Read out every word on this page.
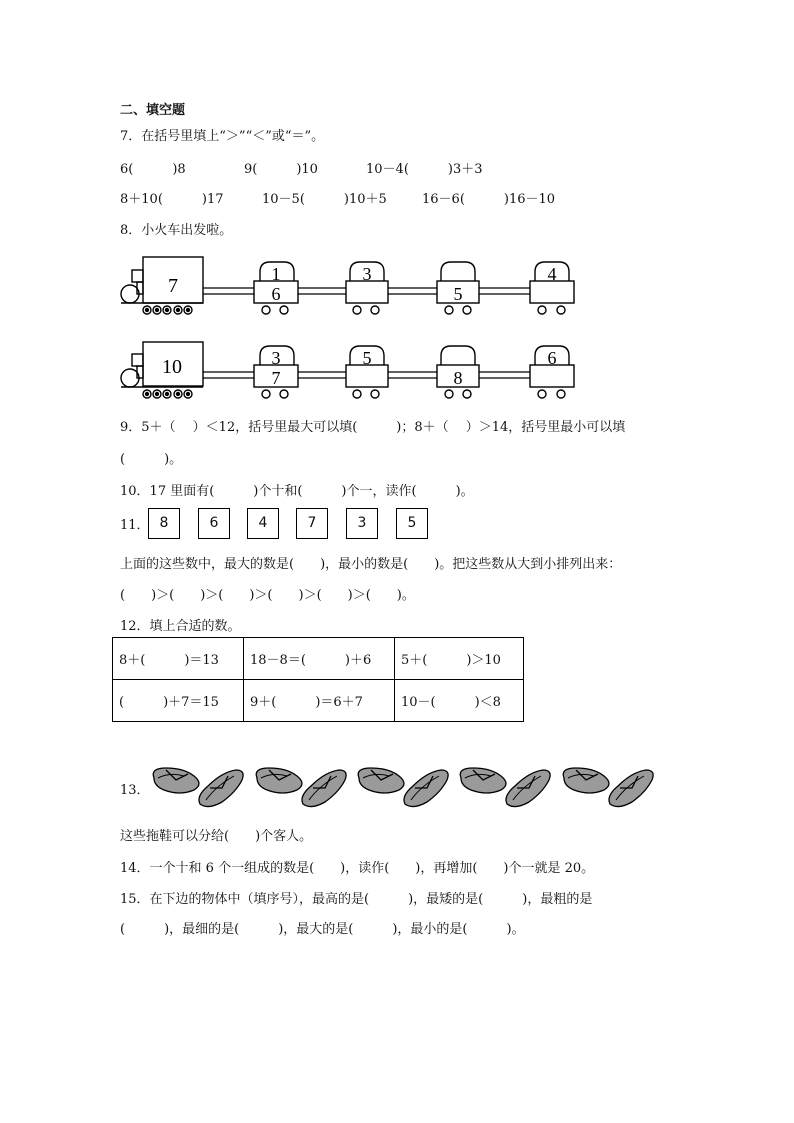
二、填空题
7．在括号里填上“＞”“＜”或“＝”。
6(　　　)8	9(　　　)10	10－4(　　　)3＋3
8＋10(　　　)17	10－5(　　　)10＋5	16－6(　　　)16－10
8．小火车出发啦。
7
1
6
3
5
4
10	3
7
5
8
6
9．5＋（　 ）＜12，括号里最大可以填(　　　)；8＋（　 ）＞14，括号里最小可以填
(　　　)。
10．17 里面有(　　　)个十和(　　　)个一，读作(　　　)。
11． 8	6	4	7	3	5
上面的这些数中，最大的数是(　　)，最小的数是(　　)。把这些数从大到小排列出来：
(　　)＞(　　)＞(　　)＞(　　)＞(　　)＞(　　)。
12．填上合适的数。
8＋(　　　)＝13	18－8＝(　　　)＋6	5＋(　　　)＞10
(　　　)＋7＝15	9＋(　　　)＝6＋7	10－(　　　)＜8
13．
这些拖鞋可以分给(　　)个客人。
14．一个十和 6 个一组成的数是(　　)，读作(　　)，再增加(　　)个一就是 20。
15．在下边的物体中（填序号），最高的是(　　　)，最矮的是(　　　)，最粗的是
(　　　)，最细的是(　　　)，最大的是(　　　)，最小的是(　　　)。
